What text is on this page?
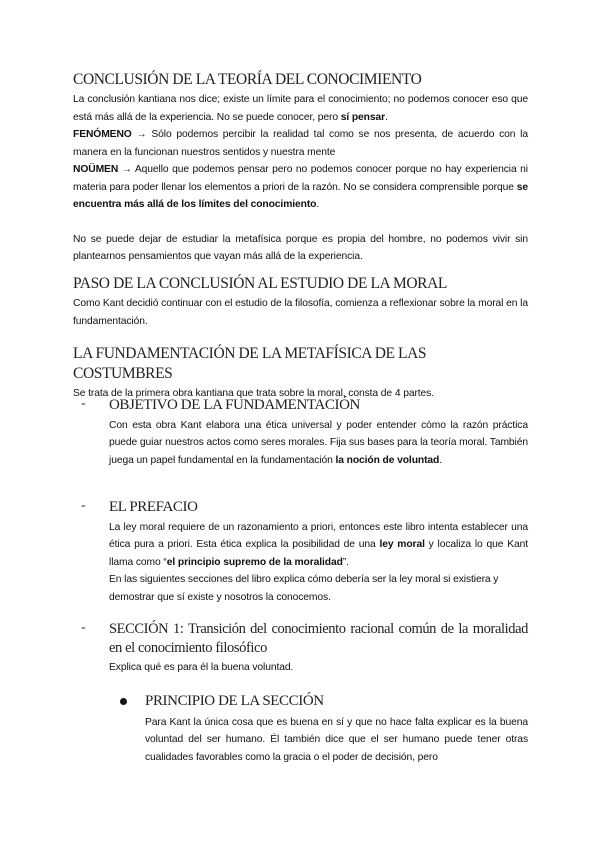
CONCLUSIÓN DE LA TEORÍA DEL CONOCIMIENTO

La conclusión kantiana nos dice; existe un límite para el conocimiento; no podemos conocer eso que está más allá de la experiencia. No se puede conocer, pero sí pensar.

FENÓMENO → Sólo podemos percibir la realidad tal como se nos presenta, de acuerdo con la manera en la funcionan nuestros sentidos y nuestra mente

NOÜMEN → Aquello que podemos pensar pero no podemos conocer porque no hay experiencia ni materia para poder llenar los elementos a priori de la razón. No se considera comprensible porque se encuentra más allá de los límites del conocimiento.

No se puede dejar de estudiar la metafísica porque es propia del hombre, no podemos vivir sin plantearnos pensamientos que vayan más allá de la experiencia.

PASO DE LA CONCLUSIÓN AL ESTUDIO DE LA MORAL

Como Kant decidió continuar con el estudio de la filosofía, comienza a reflexionar sobre la moral en la fundamentación.

LA FUNDAMENTACIÓN DE LA METAFÍSICA DE LAS COSTUMBRES

Se trata de la primera obra kantiana que trata sobre la moral, consta de 4 partes.

- OBJETIVO DE LA FUNDAMENTACIÓN

Con esta obra Kant elabora una ética universal y poder entender cómo la razón práctica puede guiar nuestros actos como seres morales. Fija sus bases para la teoría moral. También juega un papel fundamental en la fundamentación la noción de voluntad.

- EL PREFACIO

La ley moral requiere de un razonamiento a priori, entonces este libro intenta establecer una ética pura a priori. Esta ética explica la posibilidad de una ley moral y localiza lo que Kant llama como “el principio supremo de la moralidad”.

En las siguientes secciones del libro explica cómo debería ser la ley moral si existiera y demostrar que sí existe y nosotros la conocemos.

- SECCIÓN 1: Transición del conocimiento racional común de la moralidad en el conocimiento filosófico

Explica qué es para él la buena voluntad.

PRINCIPIO DE LA SECCIÓN

Para Kant la única cosa que es buena en sí y que no hace falta explicar es la buena voluntad del ser humano. Él también dice que el ser humano puede tener otras cualidades favorables como la gracia o el poder de decisión, pero
